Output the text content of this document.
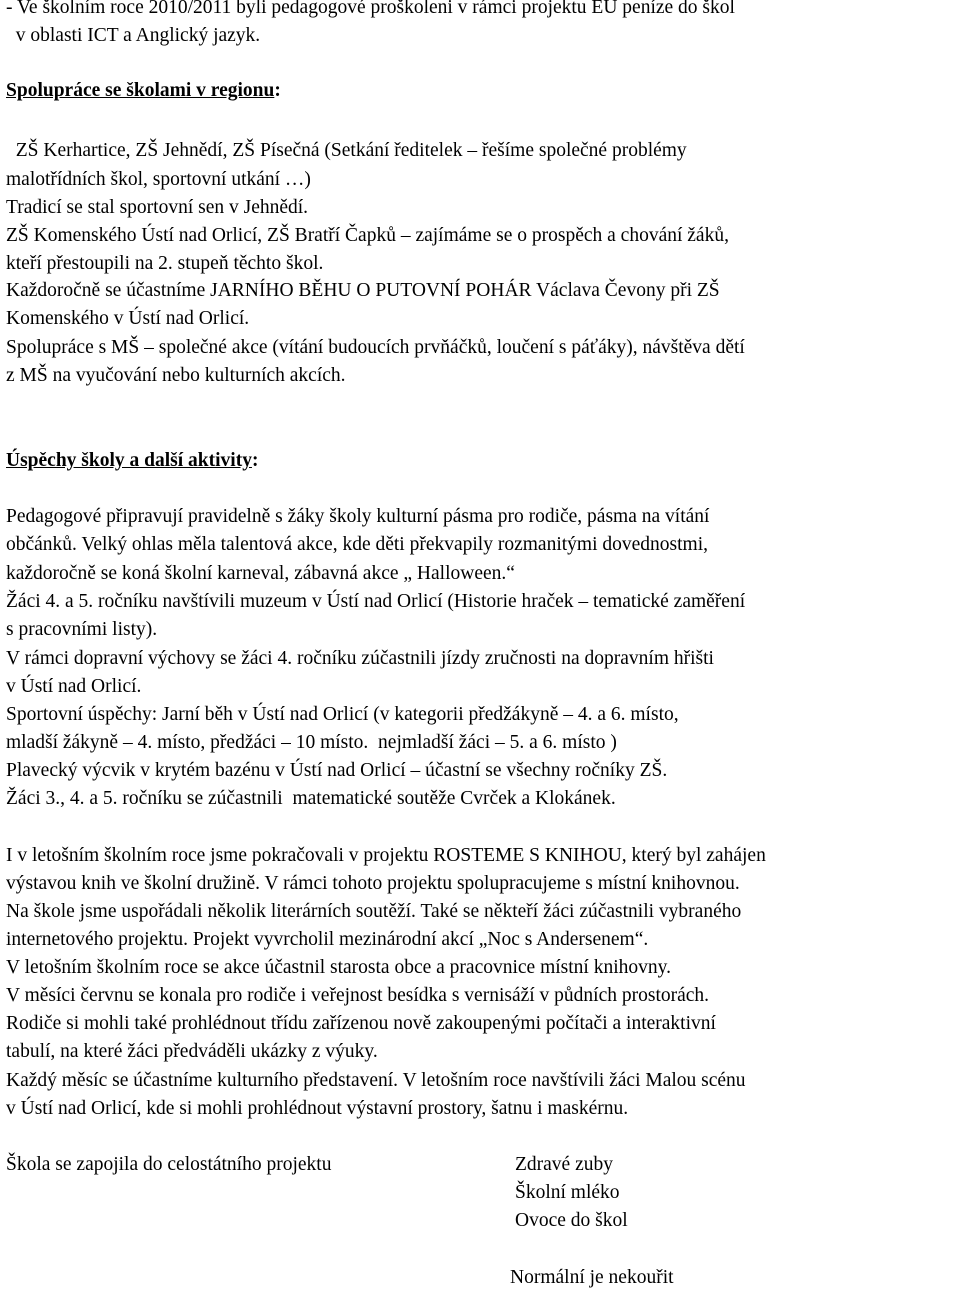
- Ve školním roce 2010/2011 byli pedagogové proškoleni v rámci projektu EU peníze do škol
v oblasti ICT a Anglický jazyk.
Spolupráce se školami v regionu:
ZŠ Kerhartice, ZŠ Jehnědí, ZŠ Písečná (Setkání ředitelek – řešíme společné problémy
malotřídních škol, sportovní utkání …)
Tradicí se stal sportovní sen v Jehnědí.
ZŠ Komenského Ústí nad Orlicí, ZŠ Bratří Čapků – zajímáme se o prospěch a chování žáků,
kteří přestoupili na 2. stupeň těchto škol.
Každoročně se účastníme JARNÍHO BĚHU O PUTOVNÍ POHÁR Václava Čevony při ZŠ
Komenského v Ústí nad Orlicí.
Spolupráce s MŠ – společné akce (vítání budoucích prvňáčků, loučení s páťáky), návštěva dětí
z MŠ na vyučování nebo kulturních akcích.
Úspěchy školy a další aktivity:
Pedagogové připravují pravidelně s žáky školy kulturní pásma pro rodiče, pásma na vítání
občánků. Velký ohlas měla talentová akce, kde děti překvapily rozmanitými dovednostmi,
každoročně se koná školní karneval, zábavná akce „ Halloween.“
Žáci 4. a 5. ročníku navštívili muzeum v Ústí nad Orlicí (Historie hraček – tematické zaměření
s pracovními listy).
V rámci dopravní výchovy se žáci 4. ročníku zúčastnili jízdy zručnosti na dopravním hřišti
v Ústí nad Orlicí.
Sportovní úspěchy: Jarní běh v Ústí nad Orlicí (v kategorii předžákyně – 4. a 6. místo,
mladší žákyně – 4. místo, předžáci – 10 místo.  nejmladší žáci – 5. a 6. místo )
Plavecký výcvik v krytém bazénu v Ústí nad Orlicí – účastní se všechny ročníky ZŠ.
Žáci 3., 4. a 5. ročníku se zúčastnili  matematické soutěže Cvrček a Klokánek.
I v letošním školním roce jsme pokračovali v projektu ROSTEME S KNIHOU, který byl zahájen
výstavou knih ve školní družině. V rámci tohoto projektu spolupracujeme s místní knihovnou.
Na škole jsme uspořádali několik literárních soutěží. Také se někteří žáci zúčastnili vybraného
internetového projektu. Projekt vyvrcholil mezinárodní akcí „Noc s Andersenem“.
V letošním školním roce se akce účastnil starosta obce a pracovnice místní knihovny.
V měsíci červnu se konala pro rodiče i veřejnost besídka s vernisáží v půdních prostorách.
Rodiče si mohli také prohlédnout třídu zařízenou nově zakoupenými počítači a interaktivní
tabulí, na které žáci předváděli ukázky z výuky.
Každý měsíc se účastníme kulturního představení. V letošním roce navštívili žáci Malou scénu
v Ústí nad Orlicí, kde si mohli prohlédnout výstavní prostory, šatnu i maskérnu.
Škola se zapojila do celostátního projektu	Zdravé zuby
Školní mléko
Ovoce do škol
Normální je nekouřit
